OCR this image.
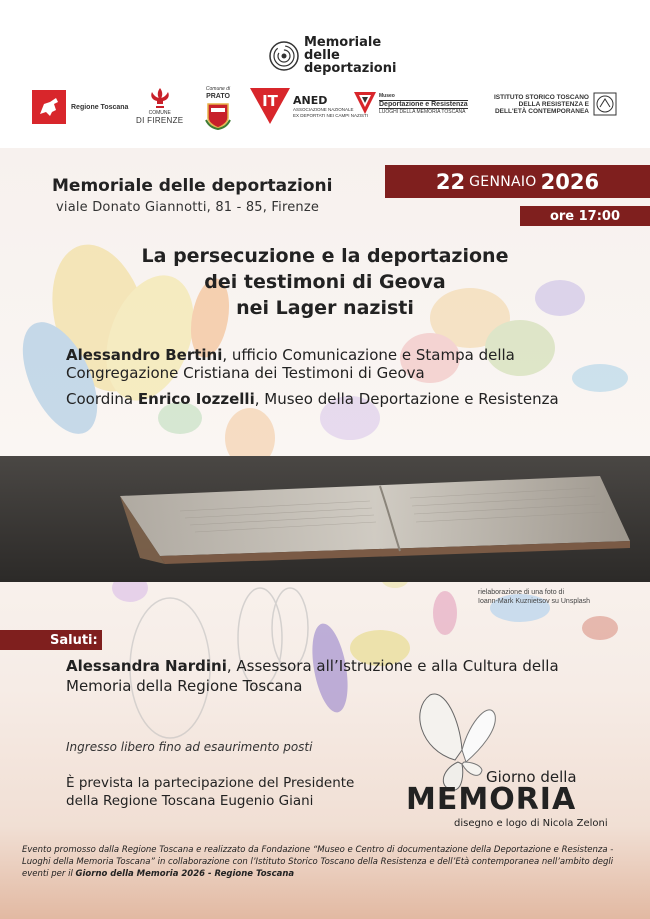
Memoriale
delle
deportazioni
Regione Toscana
COMUNE
DI FIRENZE
Comune di
PRATO IT ANED
ASSOCIAZIONE NAZIONALE
EX DEPORTATI NEI CAMPI NAZISTI
Museo
Deportazione e Resistenza
LUOGHI DELLA MEMORIA TOSCANA
ISTITUTO STORICO TOSCANO
DELLA RESISTENZA E
DELL'ETÀ CONTEMPORANEA
Memoriale delle deportazioni
viale Donato Giannotti, 81 - 85, Firenze
22 GENNAIO 2026
ore 17:00
La persecuzione e la deportazione
dei testimoni di Geova
nei Lager nazisti

Alessandro Bertini, ufficio Comunicazione e Stampa della Congregazione Cristiana dei Testimoni di Geova

Coordina Enrico Iozzelli, Museo della Deportazione e Resistenza

rielaborazione di una foto di
Ioann-Mark Kuznietsov su Unsplash
Saluti:
Alessandra Nardini, Assessora all’Istruzione e alla Cultura della Memoria della Regione Toscana
Ingresso libero fino ad esaurimento posti
È prevista la partecipazione del Presidente della Regione Toscana Eugenio Giani
Giorno della
MEMORIA
disegno e logo di Nicola Zeloni
Evento promosso dalla Regione Toscana e realizzato da Fondazione “Museo e Centro di documentazione della Deportazione e Resistenza - Luoghi della Memoria Toscana” in collaborazione con l’Istituto Storico Toscano della Resistenza e dell’Età contemporanea nell’ambito degli eventi per il Giorno della Memoria 2026 - Regione Toscana
